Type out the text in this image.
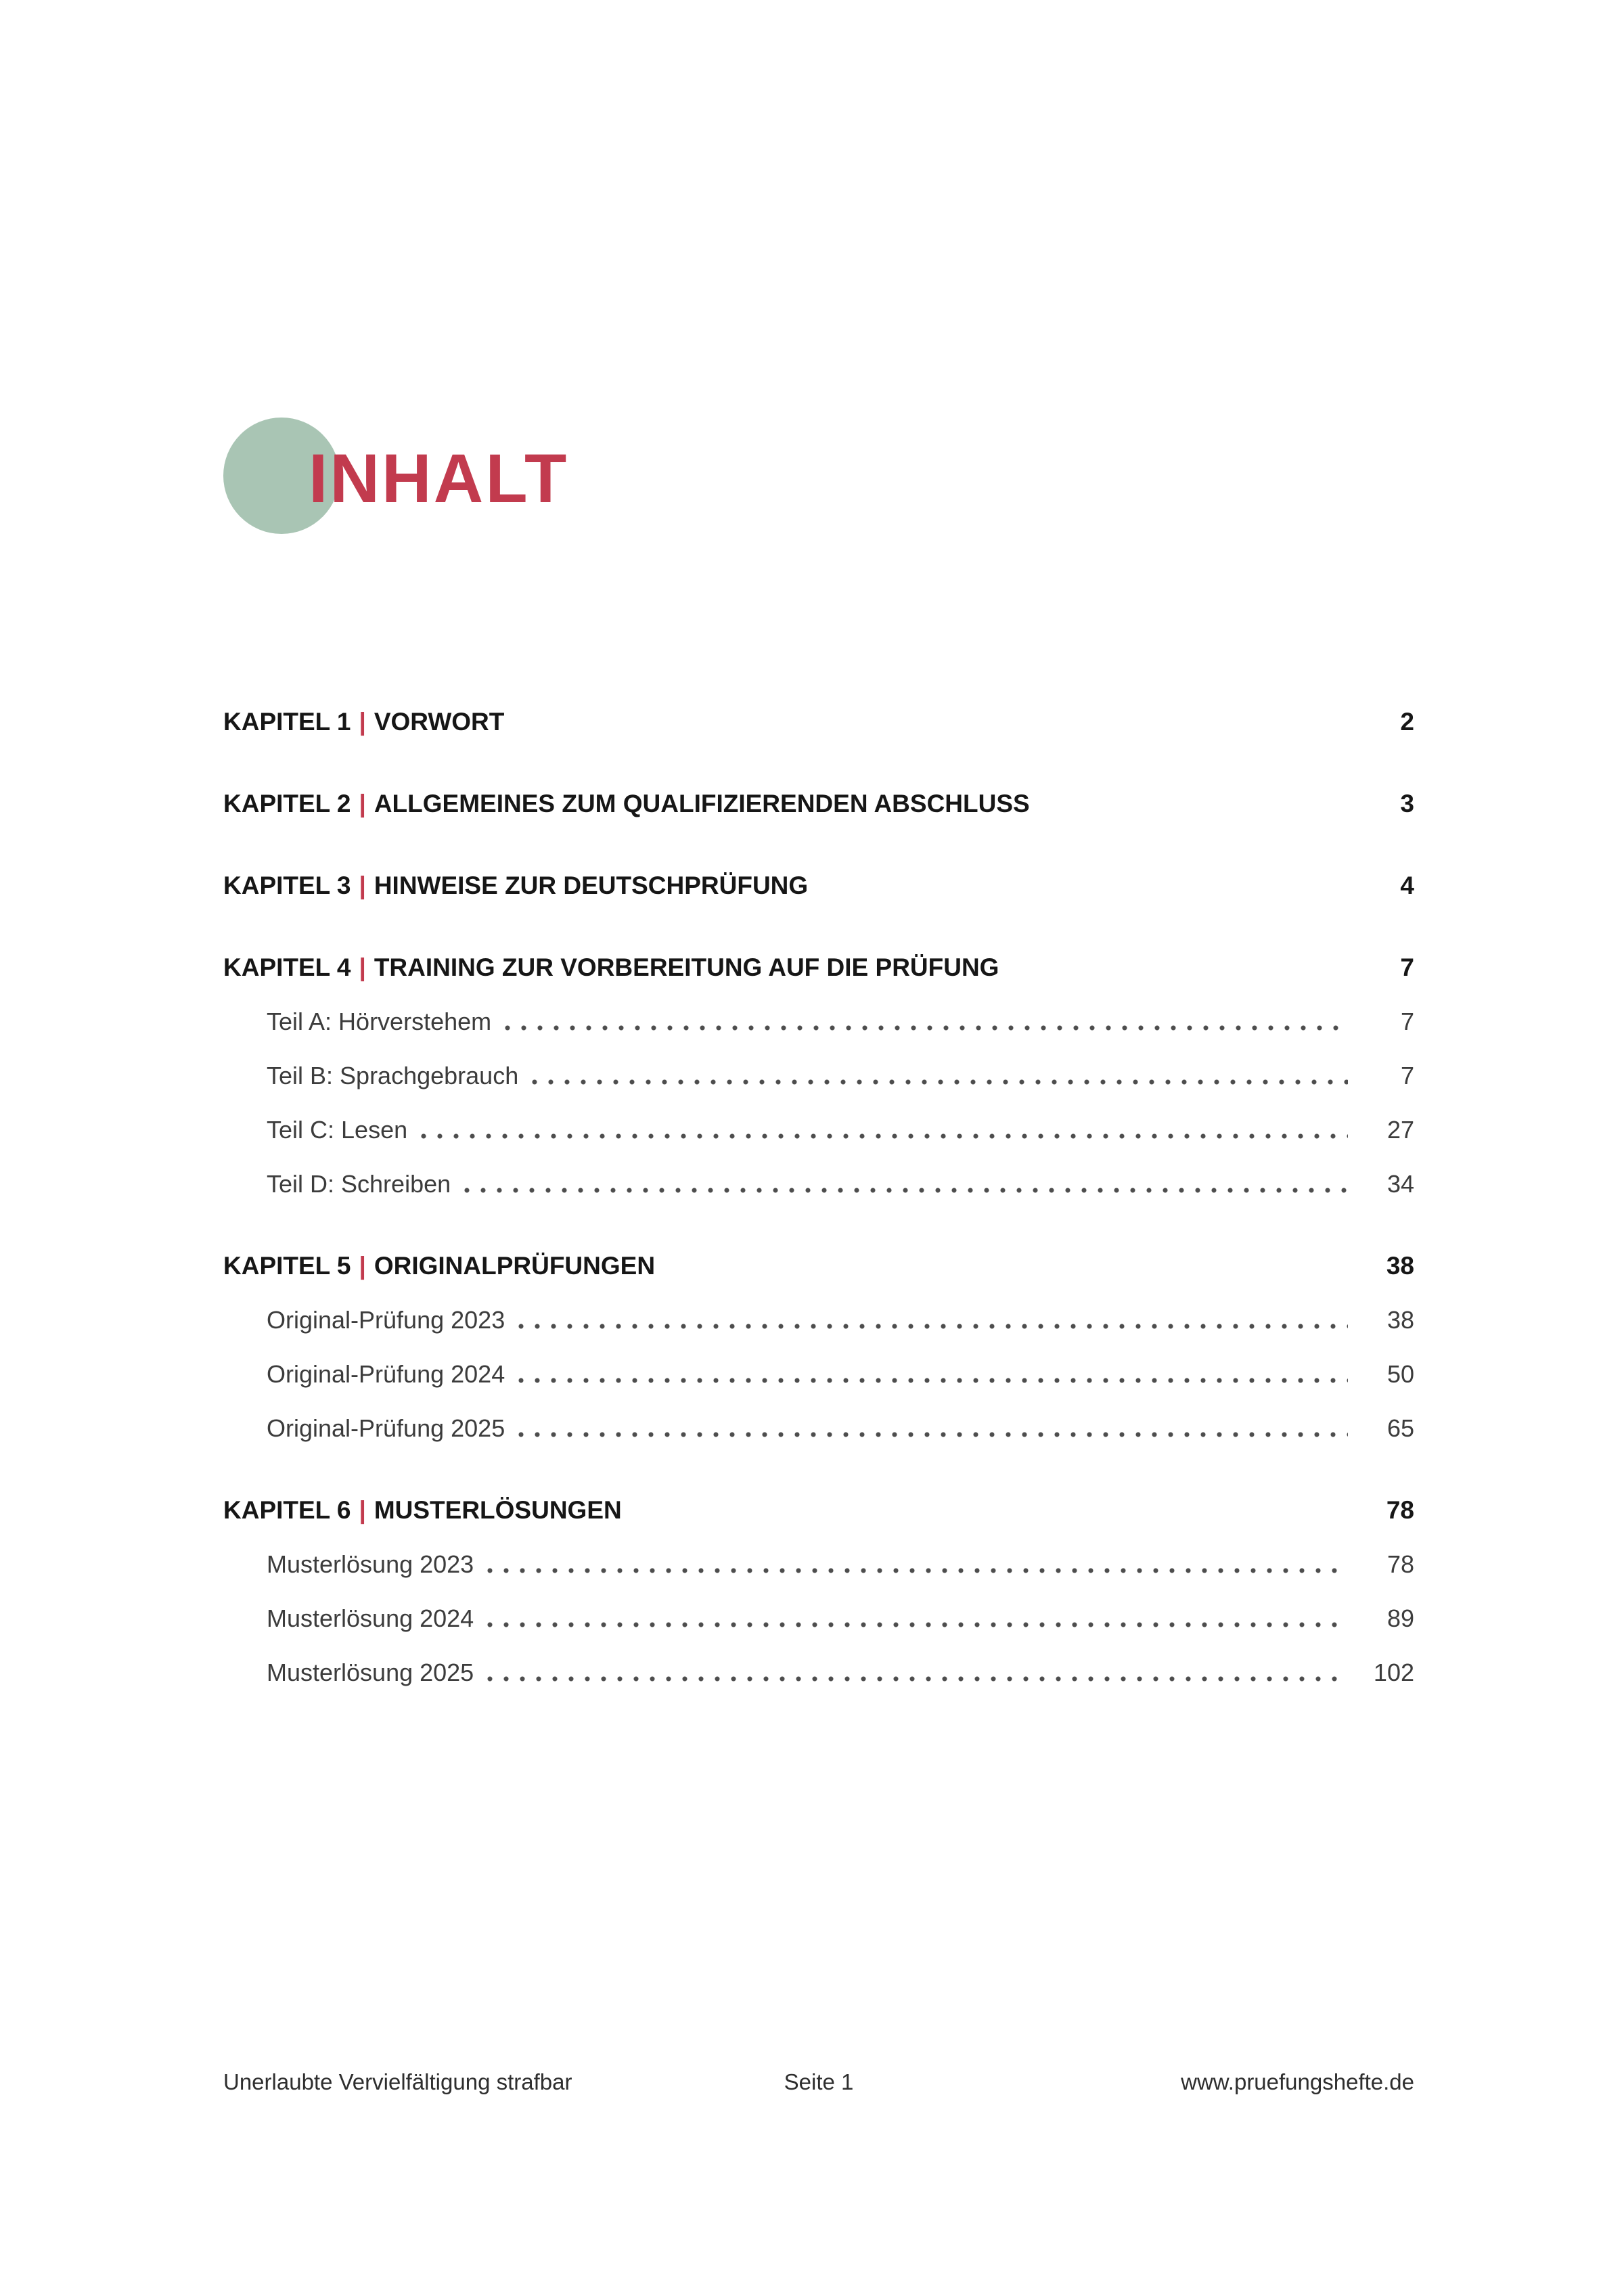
INHALT
KAPITEL 1 | VORWORT	2
KAPITEL 2 | ALLGEMEINES ZUM QUALIFIZIERENDEN ABSCHLUSS	3
KAPITEL 3 | HINWEISE ZUR DEUTSCHPRÜFUNG	4
KAPITEL 4 | TRAINING ZUR VORBEREITUNG AUF DIE PRÜFUNG	7
Teil A: Hörverstehem	7
Teil B: Sprachgebrauch	7
Teil C: Lesen	27
Teil D: Schreiben	34
KAPITEL 5 | ORIGINALPRÜFUNGEN	38
Original-Prüfung 2023	38
Original-Prüfung 2024	50
Original-Prüfung 2025	65
KAPITEL 6 | MUSTERLÖSUNGEN	78
Musterlösung 2023	78
Musterlösung 2024	89
Musterlösung 2025	102
Unerlaubte Vervielfältigung strafbar	Seite 1	www.pruefungshefte.de
